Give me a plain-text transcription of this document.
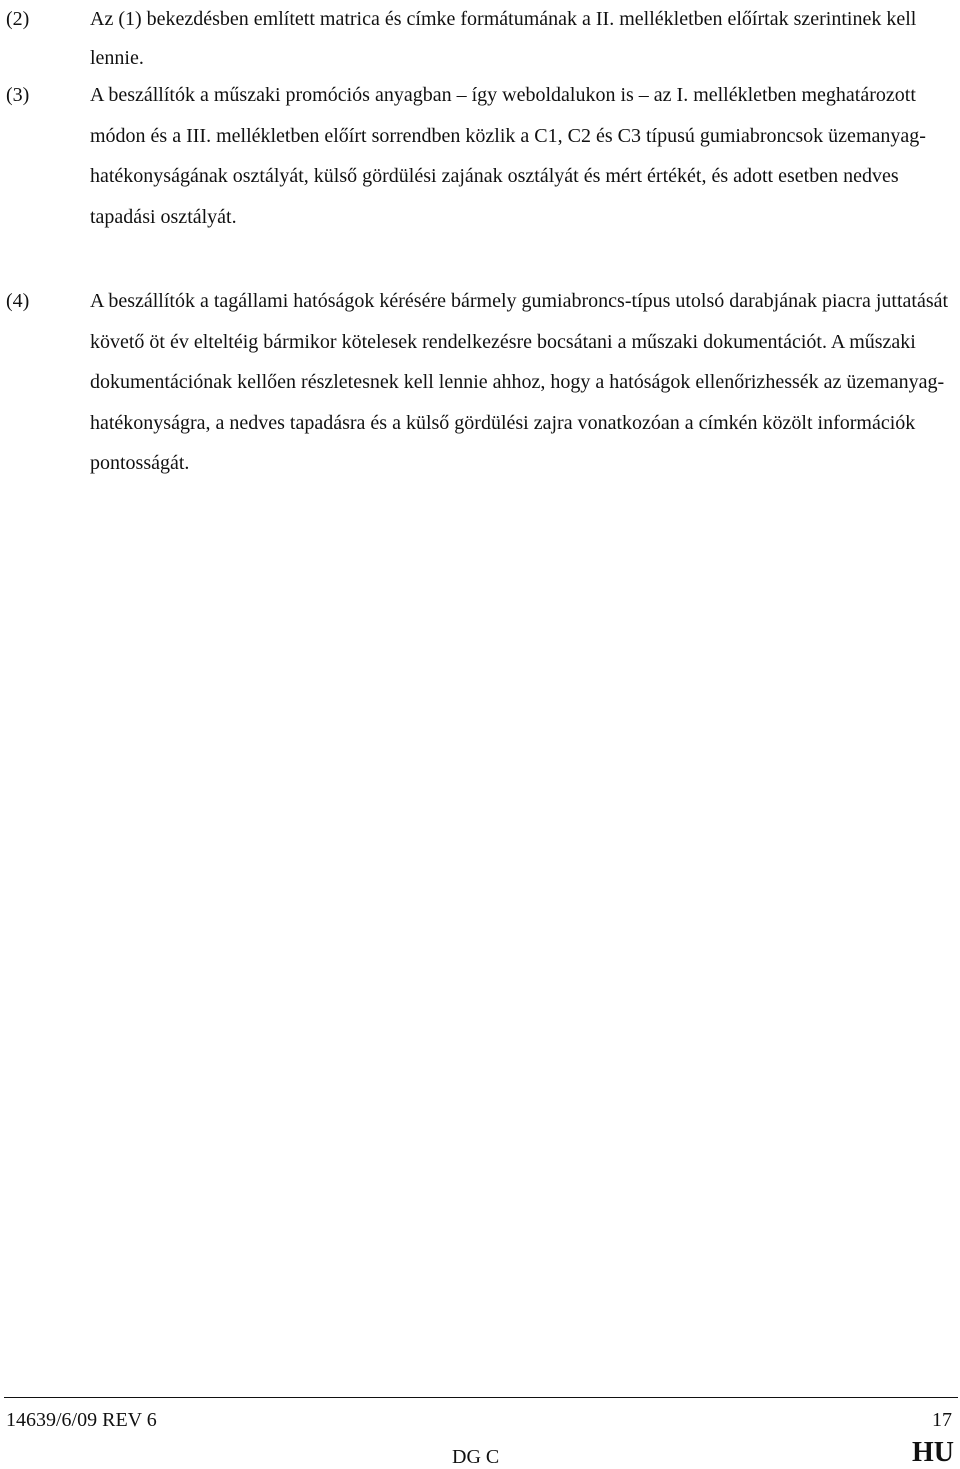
(2)	Az (1) bekezdésben említett matrica és címke formátumának a II. mellékletben előírtak szerintinek kell lennie.
(3)	A beszállítók a műszaki promóciós anyagban – így weboldalukon is – az I. mellékletben meghatározott módon és a III. mellékletben előírt sorrendben közlik a C1, C2 és C3 típusú gumiabroncsok üzemanyag-hatékonyságának osztályát, külső gördülési zajának osztályát és mért értékét, és adott esetben nedves tapadási osztályát.
(4)	A beszállítók a tagállami hatóságok kérésére bármely gumiabroncs-típus utolsó darabjának piacra juttatását követő öt év elteltéig bármikor kötelesek rendelkezésre bocsátani a műszaki dokumentációt. A műszaki dokumentációnak kellően részletesnek kell lennie ahhoz, hogy a hatóságok ellenőrizhessék az üzemanyag-hatékonyságra, a nedves tapadásra és a külső gördülési zajra vonatkozóan a címkén közölt információk pontosságát.
14639/6/09 REV 6	17
DG C	HU
